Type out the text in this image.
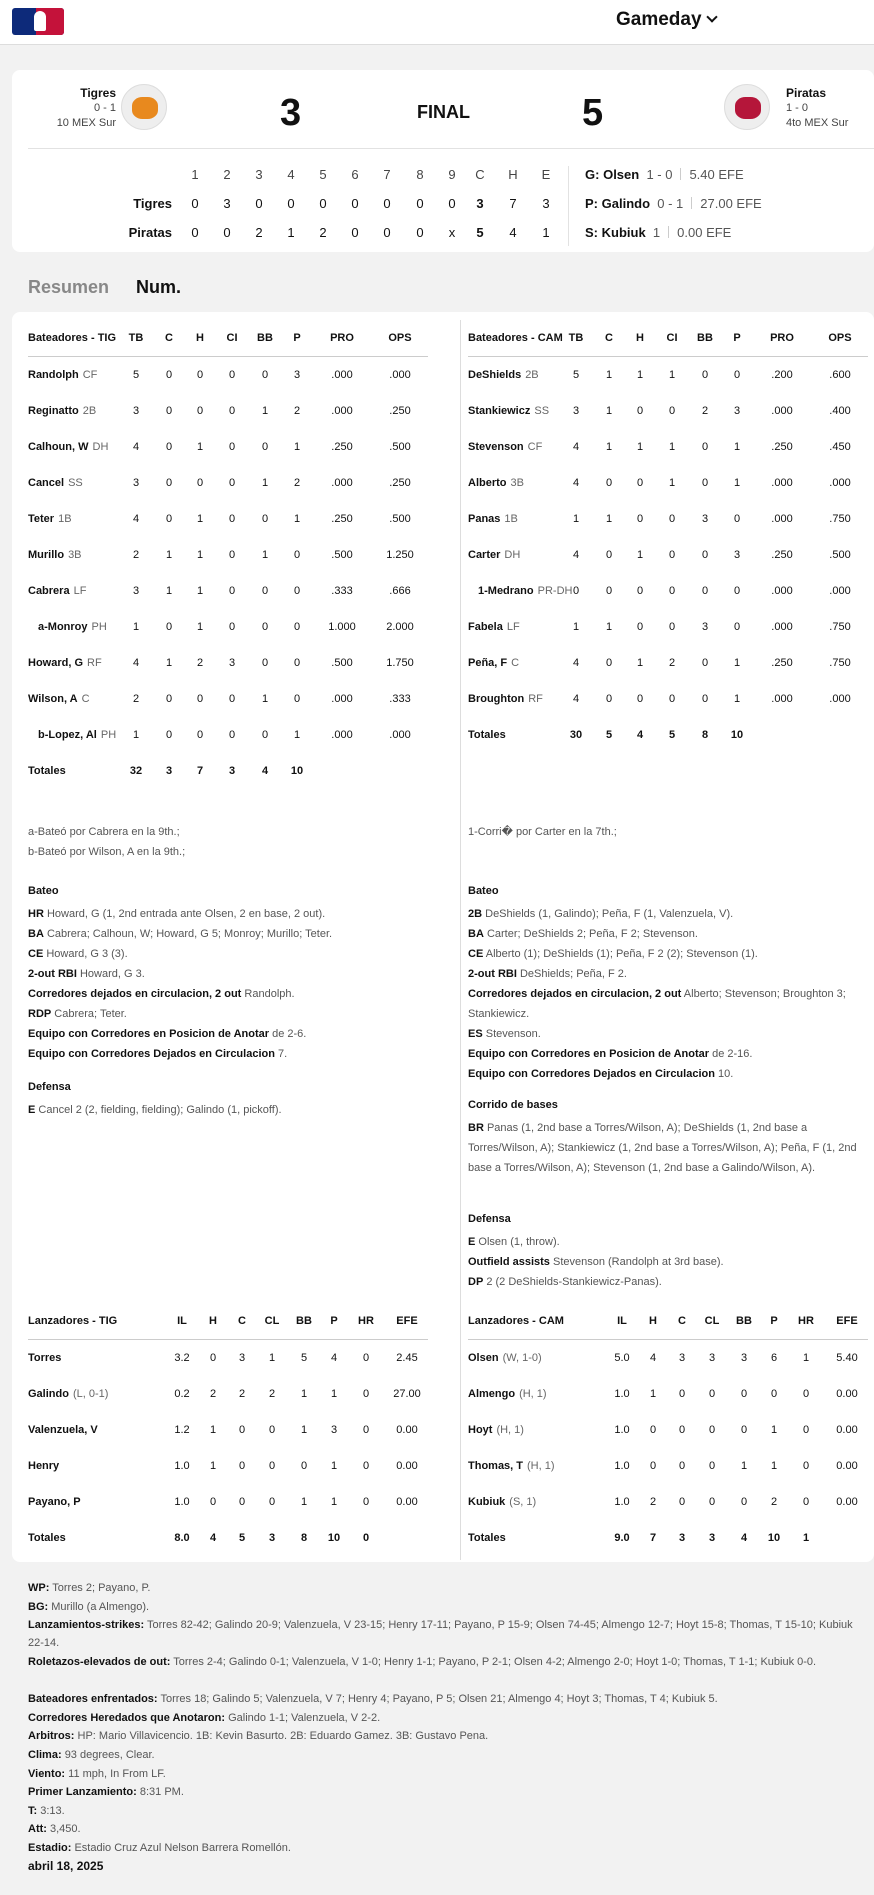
Gameday
Tigres
0 - 1
10 MEX Sur	3	FINAL	5	Piratas
1 - 0
4to MEX Sur
1	2	3	4	5	6	7	8	9	C	H	E
Tigres	0	3	0	0	0	0	0	0	0	3	7	3
Piratas	0	0	2	1	2	0	0	0	x	5	4	1
G: Olsen 1 - 0 5.40 EFE
P: Galindo 0 - 1 27.00 EFE
S: Kubiuk 1 0.00 EFE
Resumen Num.
Bateadores - TIG	TB	C	H	CI	BB	P	PRO	OPS
Randolph CF	5	0	0	0	0	3	.000	.000
Reginatto 2B	3	0	0	0	1	2	.000	.250
Calhoun, W DH	4	0	1	0	0	1	.250	.500
Cancel SS	3	0	0	0	1	2	.000	.250
Teter 1B	4	0	1	0	0	1	.250	.500
Murillo 3B	2	1	1	0	1	0	.500	1.250
Cabrera LF	3	1	1	0	0	0	.333	.666
a-Monroy PH	1	0	1	0	0	0	1.000	2.000
Howard, G RF	4	1	2	3	0	0	.500	1.750
Wilson, A C	2	0	0	0	1	0	.000	.333
b-Lopez, Al PH	1	0	0	0	0	1	.000	.000
Totales	32	3	7	3	4	10
a-Bateó por Cabrera en la 9th.;
b-Bateó por Wilson, A en la 9th.;
Bateadores - CAM TB	C	H	CI	BB	P	PRO	OPS
DeShields 2B	5	1	1	1	0	0	.200	.600
Stankiewicz SS	3	1	0	0	2	3	.000	.400
Stevenson CF	4	1	1	1	0	1	.250	.450
Alberto 3B	4	0	0	1	0	1	.000	.000
Panas 1B	1	1	0	0	3	0	.000	.750
Carter DH	4	0	1	0	0	3	.250	.500
1-Medrano PR-DH 0	0	0	0	0	0	.000	.000
Fabela LF	1	1	0	0	3	0	.000	.750
Peña, F C	4	0	1	2	0	1	.250	.750
Broughton RF	4	0	0	0	0	1	.000	.000
Totales	30	5	4	5	8	10
1-Corri� por Carter en la 7th.;
Bateo
HR Howard, G (1, 2nd entrada ante Olsen, 2 en base, 2 out).
BA Cabrera; Calhoun, W; Howard, G 5; Monroy; Murillo; Teter.
CE Howard, G 3 (3).
2-out RBI Howard, G 3.
Corredores dejados en circulacion, 2 out Randolph.
RDP Cabrera; Teter.
Equipo con Corredores en Posicion de Anotar de 2-6.
Equipo con Corredores Dejados en Circulacion 7.
Defensa
E Cancel 2 (2, fielding, fielding); Galindo (1, pickoff).
Bateo
2B DeShields (1, Galindo); Peña, F (1, Valenzuela, V).
BA Carter; DeShields 2; Peña, F 2; Stevenson.
CE Alberto (1); DeShields (1); Peña, F 2 (2); Stevenson (1).
2-out RBI DeShields; Peña, F 2.
Corredores dejados en circulacion, 2 out Alberto; Stevenson; Broughton 3; Stankiewicz.
ES Stevenson.
Equipo con Corredores en Posicion de Anotar de 2-16.
Equipo con Corredores Dejados en Circulacion 10.
Corrido de bases
BR Panas (1, 2nd base a Torres/Wilson, A); DeShields (1, 2nd base a Torres/Wilson, A); Stankiewicz (1, 2nd base a Torres/Wilson, A); Peña, F (1, 2nd base a Torres/Wilson, A); Stevenson (1, 2nd base a Galindo/Wilson, A).
Defensa
E Olsen (1, throw).
Outfield assists Stevenson (Randolph at 3rd base).
DP 2 (2 DeShields-Stankiewicz-Panas).
Lanzadores - TIG	IL	H	C	CL	BB	P	HR	EFE
Torres	3.2	0	3	1	5	4	0	2.45
Galindo (L, 0-1)	0.2	2	2	2	1	1	0	27.00
Valenzuela, V	1.2	1	0	0	1	3	0	0.00
Henry	1.0	1	0	0	0	1	0	0.00
Payano, P	1.0	0	0	0	1	1	0	0.00
Totales	8.0	4	5	3	8	10	0
Lanzadores - CAM	IL	H	C	CL	BB	P	HR	EFE
Olsen (W, 1-0)	5.0	4	3	3	3	6	1	5.40
Almengo (H, 1)	1.0	1	0	0	0	0	0	0.00
Hoyt (H, 1)	1.0	0	0	0	0	1	0	0.00
Thomas, T (H, 1)	1.0	0	0	0	1	1	0	0.00
Kubiuk (S, 1)	1.0	2	0	0	0	2	0	0.00
Totales	9.0	7	3	3	4	10	1
WP: Torres 2; Payano, P.
BG: Murillo (a Almengo).
Lanzamientos-strikes: Torres 82-42; Galindo 20-9; Valenzuela, V 23-15; Henry 17-11; Payano, P 15-9; Olsen 74-45; Almengo 12-7; Hoyt 15-8; Thomas, T 15-10; Kubiuk 22-14.
Roletazos-elevados de out: Torres 2-4; Galindo 0-1; Valenzuela, V 1-0; Henry 1-1; Payano, P 2-1; Olsen 4-2; Almengo 2-0; Hoyt 1-0; Thomas, T 1-1; Kubiuk 0-0.
Bateadores enfrentados: Torres 18; Galindo 5; Valenzuela, V 7; Henry 4; Payano, P 5; Olsen 21; Almengo 4; Hoyt 3; Thomas, T 4; Kubiuk 5.
Corredores Heredados que Anotaron: Galindo 1-1; Valenzuela, V 2-2.
Arbitros: HP: Mario Villavicencio. 1B: Kevin Basurto. 2B: Eduardo Gamez. 3B: Gustavo Pena.
Clima: 93 degrees, Clear.
Viento: 11 mph, In From LF.
Primer Lanzamiento: 8:31 PM.
T: 3:13.
Att: 3,450.
Estadio: Estadio Cruz Azul Nelson Barrera Romellón.
abril 18, 2025
